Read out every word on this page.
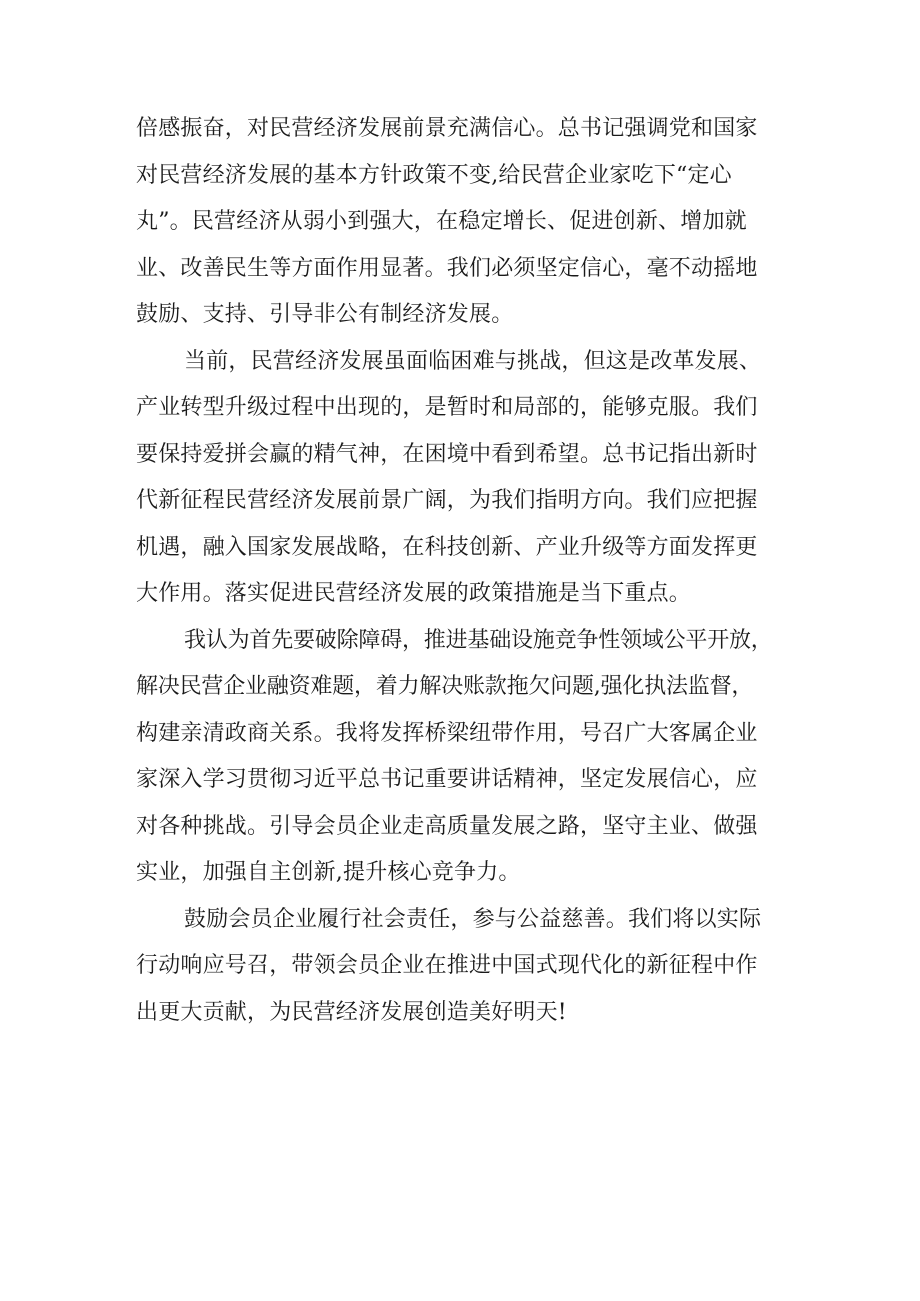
倍感振奋，对民营经济发展前景充满信心。总书记强调党和国家
对民营经济发展的基本方针政策不变,给民营企业家吃下“定心
丸”。民营经济从弱小到强大，在稳定增长、促进创新、增加就
业、改善民生等方面作用显著。我们必须坚定信心，毫不动摇地
鼓励、支持、引导非公有制经济发展。

当前，民营经济发展虽面临困难与挑战，但这是改革发展、
产业转型升级过程中出现的，是暂时和局部的，能够克服。我们
要保持爱拼会赢的精气神，在困境中看到希望。总书记指出新时
代新征程民营经济发展前景广阔，为我们指明方向。我们应把握
机遇，融入国家发展战略，在科技创新、产业升级等方面发挥更
大作用。落实促进民营经济发展的政策措施是当下重点。

我认为首先要破除障碍，推进基础设施竞争性领域公平开放，
解决民营企业融资难题，着力解决账款拖欠问题,强化执法监督，
构建亲清政商关系。我将发挥桥梁纽带作用，号召广大客属企业
家深入学习贯彻习近平总书记重要讲话精神，坚定发展信心，应
对各种挑战。引导会员企业走高质量发展之路，坚守主业、做强
实业，加强自主创新,提升核心竞争力。

鼓励会员企业履行社会责任，参与公益慈善。我们将以实际
行动响应号召，带领会员企业在推进中国式现代化的新征程中作
出更大贡献，为民营经济发展创造美好明天!
